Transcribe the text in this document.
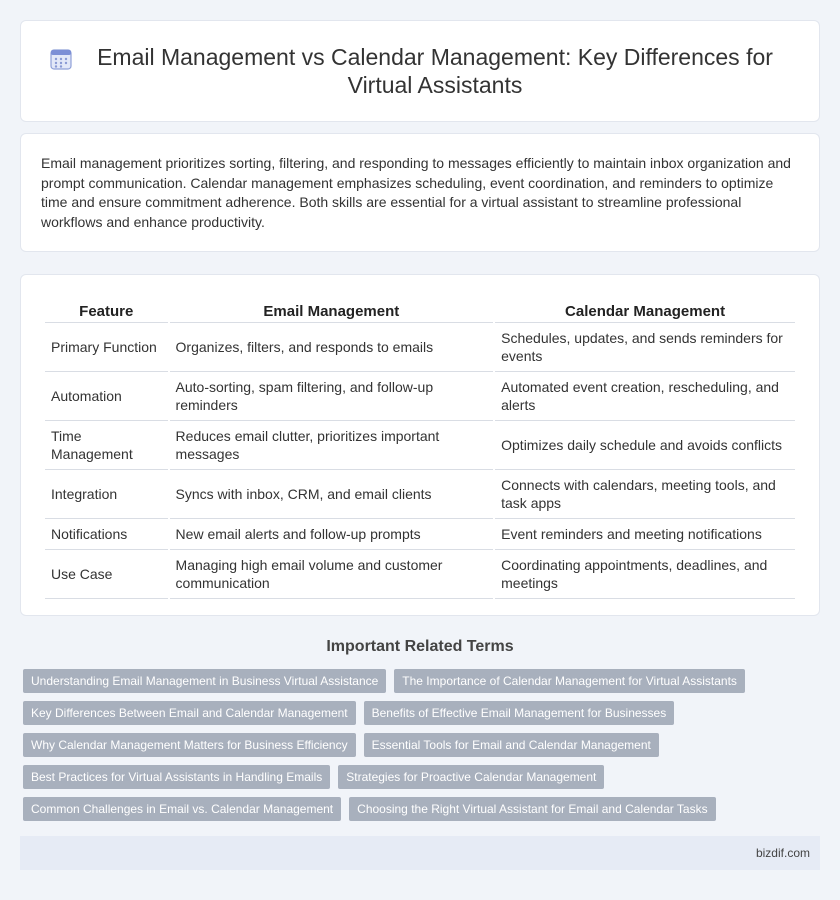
Email Management vs Calendar Management: Key Differences for Virtual Assistants

Email management prioritizes sorting, filtering, and responding to messages efficiently to maintain inbox organization and prompt communication. Calendar management emphasizes scheduling, event coordination, and reminders to optimize time and ensure commitment adherence. Both skills are essential for a virtual assistant to streamline professional workflows and enhance productivity.

Feature	Email Management	Calendar Management
Primary Function	Organizes, filters, and responds to emails	Schedules, updates, and sends reminders for events
Automation	Auto-sorting, spam filtering, and follow-up reminders	Automated event creation, rescheduling, and alerts
Time Management	Reduces email clutter, prioritizes important messages	Optimizes daily schedule and avoids conflicts
Integration	Syncs with inbox, CRM, and email clients	Connects with calendars, meeting tools, and task apps
Notifications	New email alerts and follow-up prompts	Event reminders and meeting notifications
Use Case	Managing high email volume and customer communication	Coordinating appointments, deadlines, and meetings
Important Related Terms
Understanding Email Management in Business Virtual Assistance	The Importance of Calendar Management for Virtual Assistants
Key Differences Between Email and Calendar Management	Benefits of Effective Email Management for Businesses
Why Calendar Management Matters for Business Efficiency	Essential Tools for Email and Calendar Management
Best Practices for Virtual Assistants in Handling Emails	Strategies for Proactive Calendar Management
Common Challenges in Email vs. Calendar Management	Choosing the Right Virtual Assistant for Email and Calendar Tasks
bizdif.com
